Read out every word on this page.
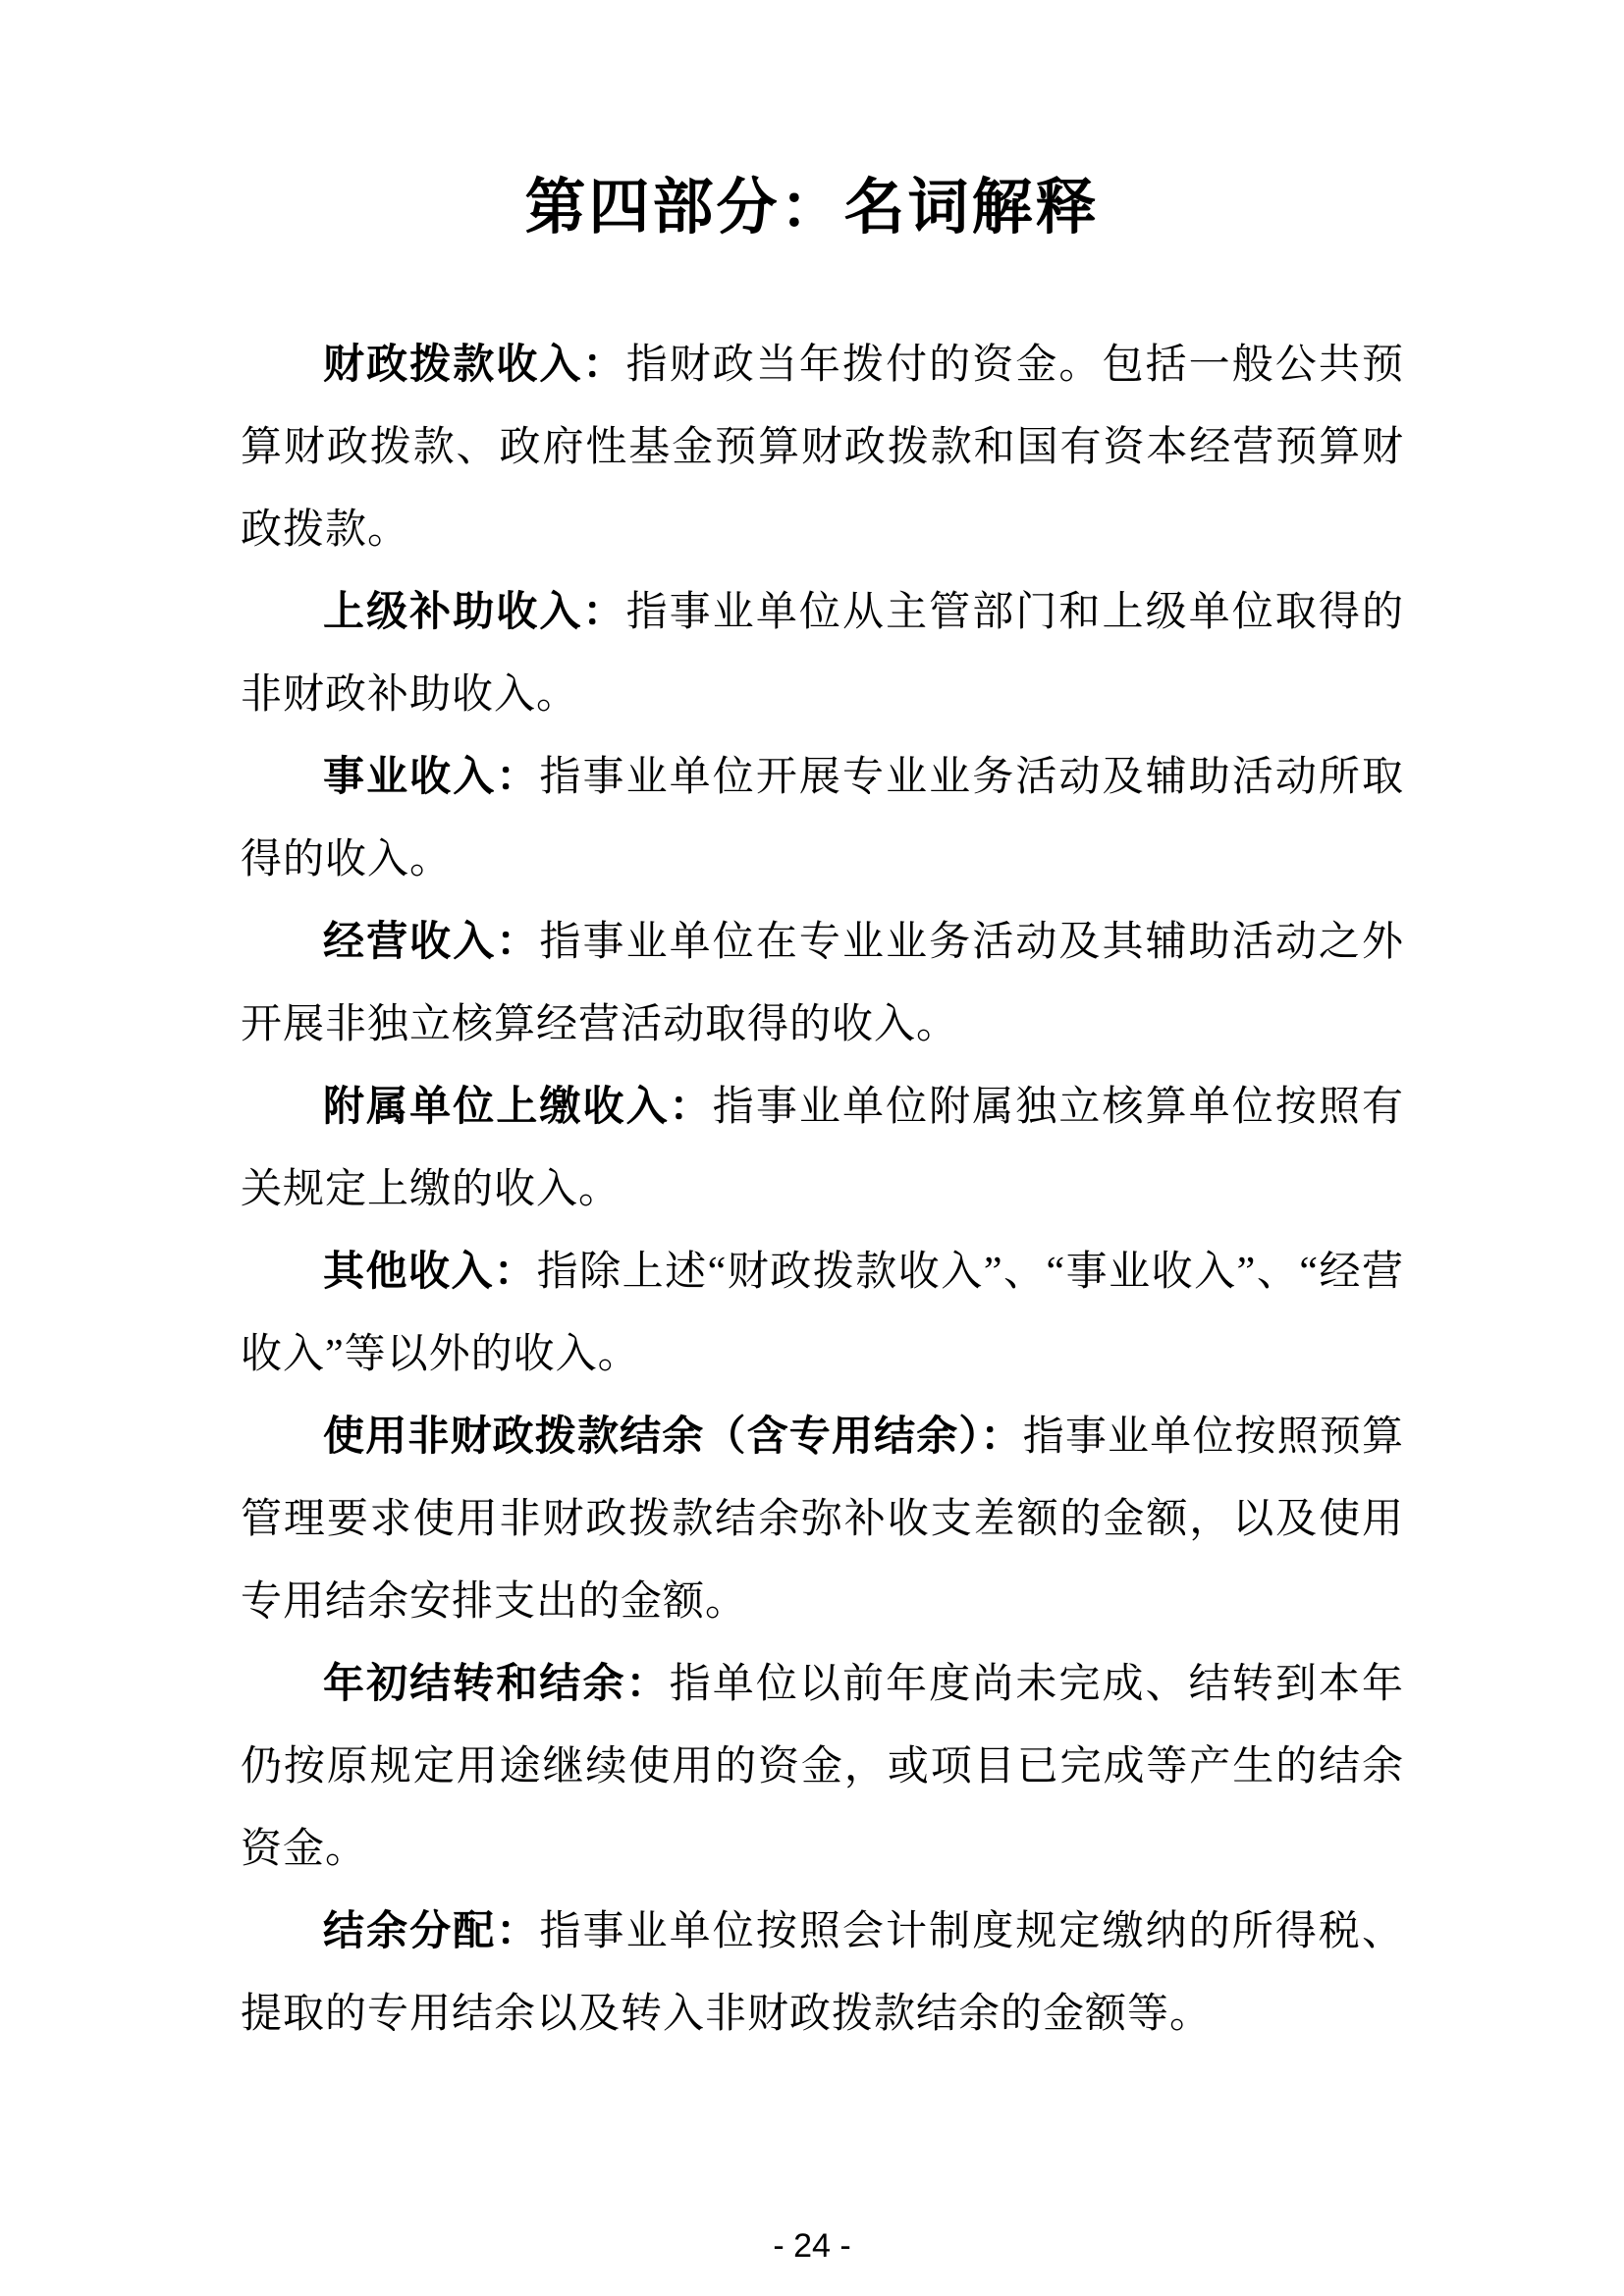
第四部分：名词解释

财政拨款收入：指财政当年拨付的资金。包括一般公共预算财政拨款、政府性基金预算财政拨款和国有资本经营预算财政拨款。

上级补助收入：指事业单位从主管部门和上级单位取得的非财政补助收入。

事业收入：指事业单位开展专业业务活动及辅助活动所取得的收入。

经营收入：指事业单位在专业业务活动及其辅助活动之外开展非独立核算经营活动取得的收入。

附属单位上缴收入：指事业单位附属独立核算单位按照有关规定上缴的收入。

其他收入：指除上述“财政拨款收入”、“事业收入”、“经营收入”等以外的收入。

使用非财政拨款结余（含专用结余）：指事业单位按照预算管理要求使用非财政拨款结余弥补收支差额的金额，以及使用专用结余安排支出的金额。

年初结转和结余：指单位以前年度尚未完成、结转到本年仍按原规定用途继续使用的资金，或项目已完成等产生的结余资金。

结余分配：指事业单位按照会计制度规定缴纳的所得税、提取的专用结余以及转入非财政拨款结余的金额等。

- 24 -
